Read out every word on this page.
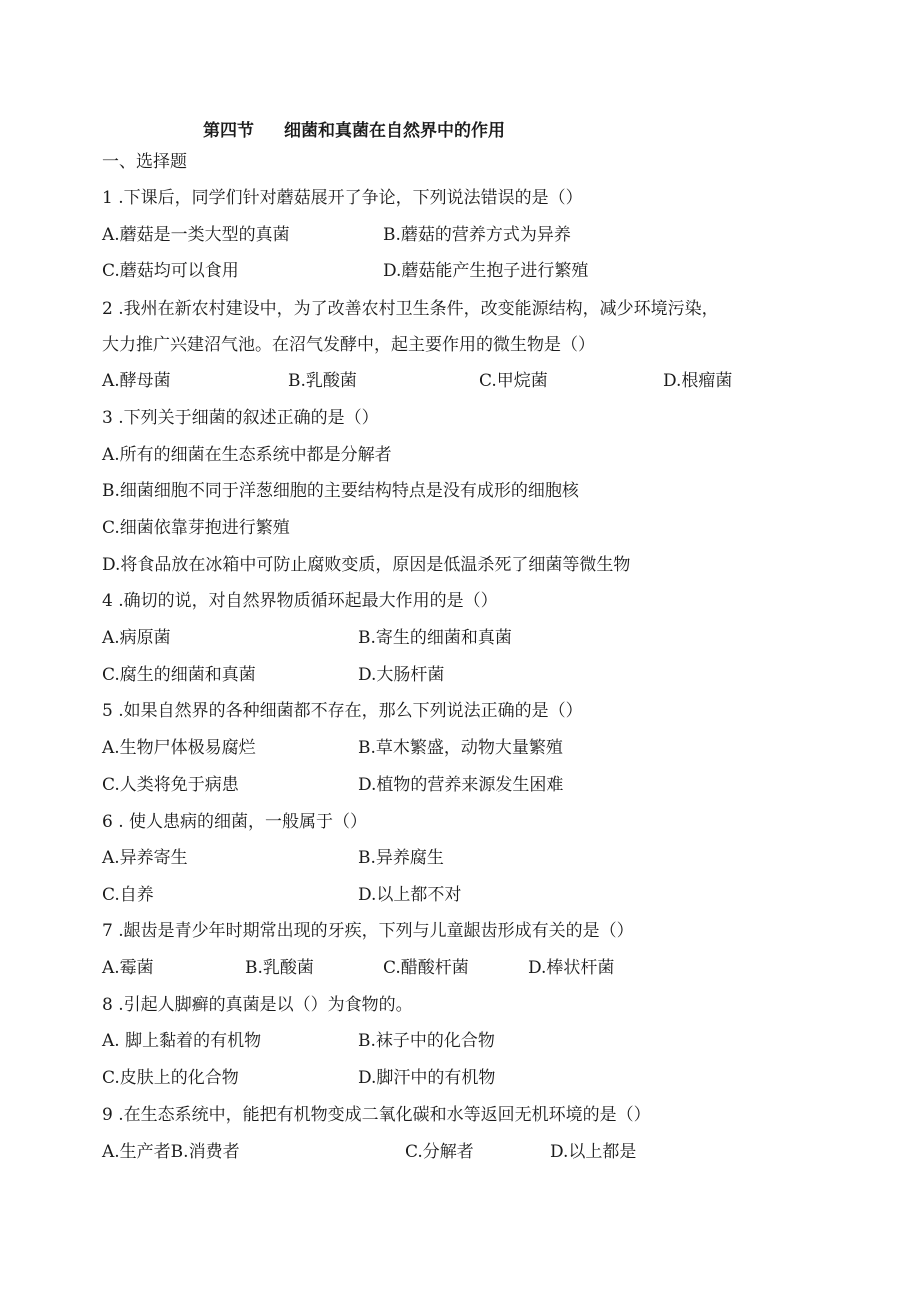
第四节 细菌和真菌在自然界中的作用
一、选择题
1 .下课后，同学们针对蘑菇展开了争论，下列说法错误的是（）
A.蘑菇是一类大型的真菌	B.蘑菇的营养方式为异养
C.蘑菇均可以食用	D.蘑菇能产生抱子进行繁殖
2 .我州在新农村建设中，为了改善农村卫生条件，改变能源结构，减少环境污染，
大力推广兴建沼气池。在沼气发酵中，起主要作用的微生物是（）
A.酵母菌	B.乳酸菌	C.甲烷菌	D.根瘤菌
3 .下列关于细菌的叙述正确的是（）
A.所有的细菌在生态系统中都是分解者
B.细菌细胞不同于洋葱细胞的主要结构特点是没有成形的细胞核
C.细菌依靠芽抱进行繁殖
D.将食品放在冰箱中可防止腐败变质，原因是低温杀死了细菌等微生物
4 .确切的说，对自然界物质循环起最大作用的是（）
A.病原菌	B.寄生的细菌和真菌
C.腐生的细菌和真菌	D.大肠杆菌
5 .如果自然界的各种细菌都不存在，那么下列说法正确的是（）
A.生物尸体极易腐烂	B.草木繁盛，动物大量繁殖
C.人类将免于病患	D.植物的营养来源发生困难
6 . 使人患病的细菌，一般属于（）
A.异养寄生	B.异养腐生
C.自养	D.以上都不对
7 .龈齿是青少年时期常出现的牙疾，下列与儿童龈齿形成有关的是（）
A.霉菌	B.乳酸菌	C.醋酸杆菌	D.棒状杆菌
8 .引起人脚癣的真菌是以（）为食物的。
A. 脚上黏着的有机物	B.袜子中的化合物
C.皮肤上的化合物	D.脚汗中的有机物
9 .在生态系统中，能把有机物变成二氧化碳和水等返回无机环境的是（）
A.生产者B.消费者	C.分解者	D.以上都是
